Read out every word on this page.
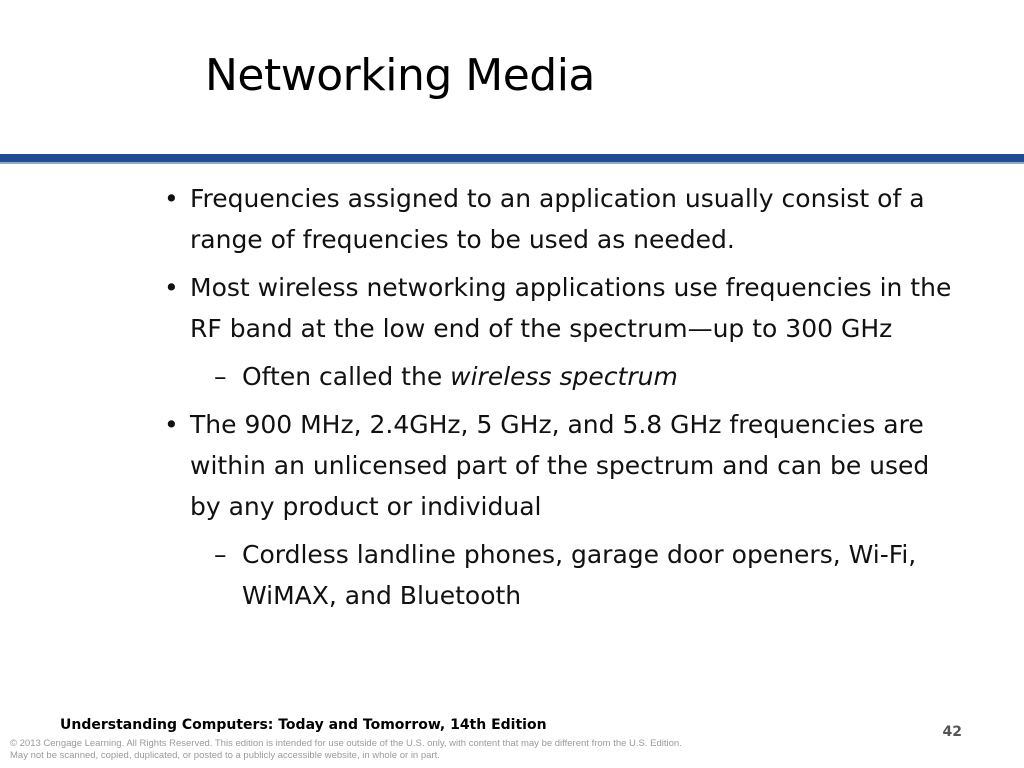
Networking Media
• Frequencies assigned to an application usually consist of a range of frequencies to be used as needed.
• Most wireless networking applications use frequencies in the RF band at the low end of the spectrum—up to 300 GHz
– Often called the wireless spectrum
• The 900 MHz, 2.4GHz, 5 GHz, and 5.8 GHz frequencies are within an unlicensed part of the spectrum and can be used by any product or individual
– Cordless landline phones, garage door openers, Wi-Fi, WiMAX, and Bluetooth
Understanding Computers: Today and Tomorrow, 14th Edition	42
© 2013 Cengage Learning. All Rights Reserved. This edition is intended for use outside of the U.S. only, with content that may be different from the U.S. Edition.
May not be scanned, copied, duplicated, or posted to a publicly accessible website, in whole or in part.
